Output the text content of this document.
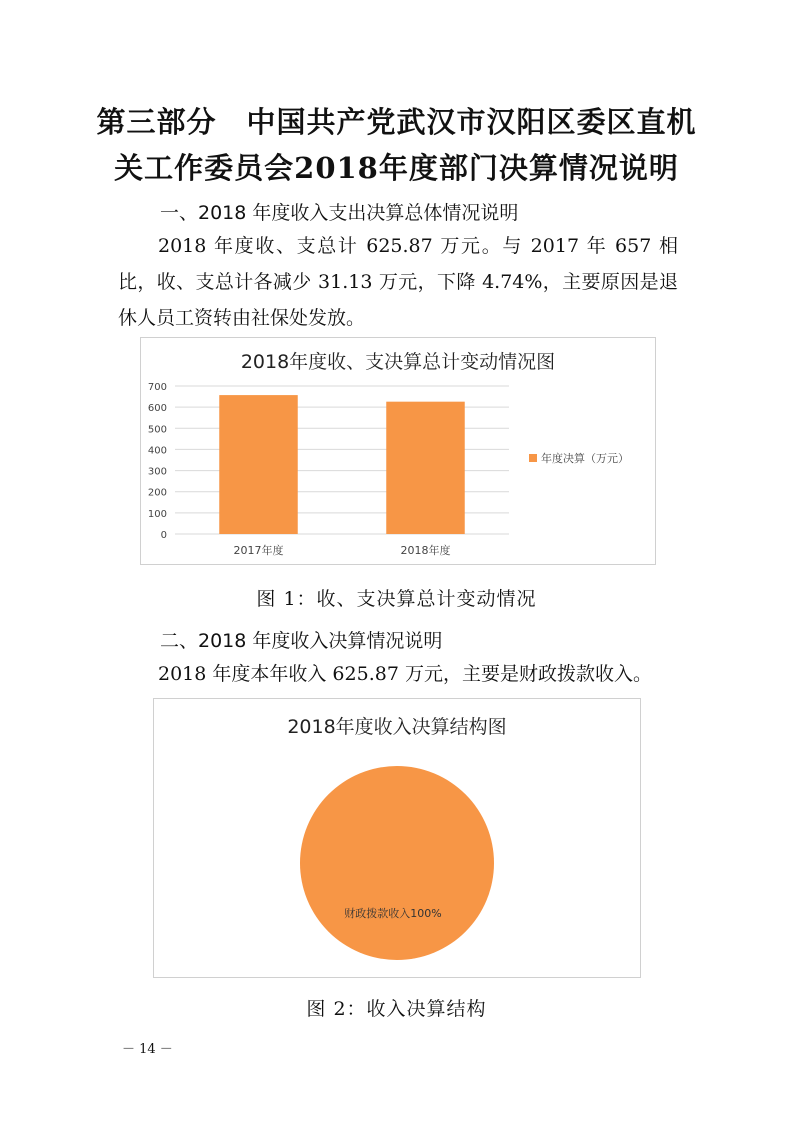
第三部分　中国共产党武汉市汉阳区委区直机
关工作委员会2018年度部门决算情况说明
一、2018 年度收入支出决算总体情况说明
2018 年度收、支总计 625.87 万元。与 2017 年 657 相比，收、支总计各减少 31.13 万元，下降 4.74%，主要原因是退休人员工资转由社保处发放。
2018年度收、支决算总计变动情况图
0
100
200
300
400
500
600
700
2017年度	2018年度
年度决算（万元）
图 1：收、支决算总计变动情况
二、2018 年度收入决算情况说明
2018 年度本年收入 625.87 万元，主要是财政拨款收入。
2018年度收入决算结构图
财政拨款收入100%
图 2：收入决算结构
－ 14 －
